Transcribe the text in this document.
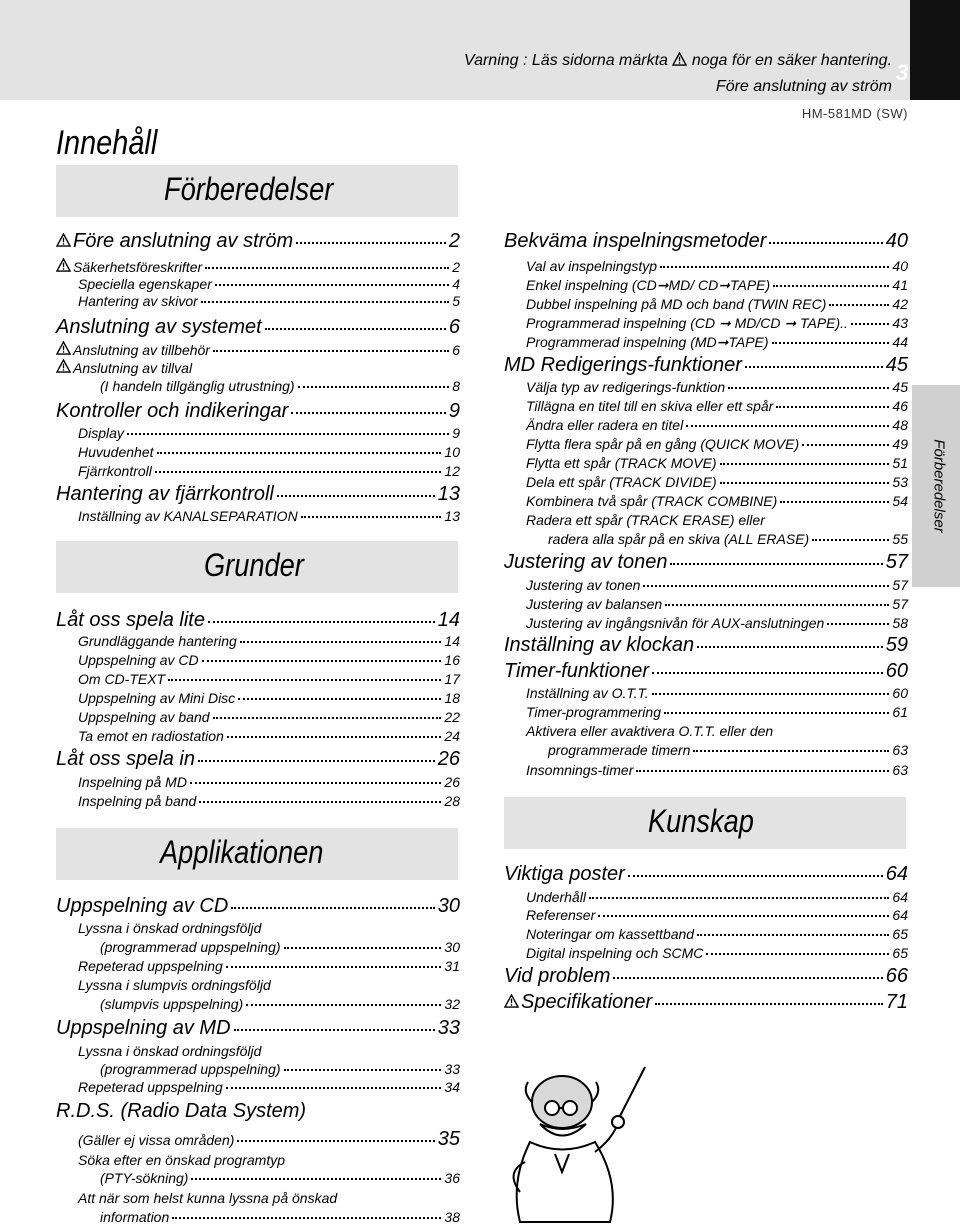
3
Varning : Läs sidorna märkta noga för en säker hantering.
Före anslutning av ström
HM-581MD (SW)
Innehåll
Förberedelser
Grunder
Applikationen
Kunskap
Förberedelser
Före anslutning av ström	2
Säkerhetsföreskrifter	2
Speciella egenskaper	4
Hantering av skivor	5
Anslutning av systemet	6
Anslutning av tillbehör	6
Anslutning av tillval
(I handeln tillgänglig utrustning)	8
Kontroller och indikeringar	9
Display	9
Huvudenhet	10
Fjärrkontroll	12
Hantering av fjärrkontroll	13
Inställning av KANALSEPARATION	13
Låt oss spela lite	14
Grundläggande hantering	14
Uppspelning av CD	16
Om CD-TEXT	17
Uppspelning av Mini Disc	18
Uppspelning av band	22
Ta emot en radiostation	24
Låt oss spela in	26
Inspelning på MD	26
Inspelning på band	28
Uppspelning av CD	30
Lyssna i önskad ordningsföljd
(programmerad uppspelning)	30
Repeterad uppspelning	31
Lyssna i slumpvis ordningsföljd
(slumpvis uppspelning)	32
Uppspelning av MD	33
Lyssna i önskad ordningsföljd
(programmerad uppspelning)	33
Repeterad uppspelning	34
R.D.S. (Radio Data System)
(Gäller ej vissa områden)	35
Söka efter en önskad programtyp
(PTY-sökning)	36
Att när som helst kunna lyssna på önskad
information	38
Bekväma inspelningsmetoder	40
Val av inspelningstyp	40
Enkel inspelning (CD➞MD/ CD➞TAPE)	41
Dubbel inspelning på MD och band (TWIN REC)	42
Programmerad inspelning (CD ➞ MD/CD ➞ TAPE)..	43
Programmerad inspelning (MD➞TAPE)	44
MD Redigerings-funktioner	45
Välja typ av redigerings-funktion	45
Tillägna en titel till en skiva eller ett spår	46
Ändra eller radera en titel	48
Flytta flera spår på en gång (QUICK MOVE)	49
Flytta ett spår (TRACK MOVE)	51
Dela ett spår (TRACK DIVIDE)	53
Kombinera två spår (TRACK COMBINE)	54
Radera ett spår (TRACK ERASE) eller
radera alla spår på en skiva (ALL ERASE)	55
Justering av tonen	57
Justering av tonen	57
Justering av balansen	57
Justering av ingångsnivån för AUX-anslutningen	58
Inställning av klockan	59
Timer-funktioner	60
Inställning av O.T.T.	60
Timer-programmering	61
Aktivera eller avaktivera O.T.T. eller den
programmerade timern	63
Insomnings-timer	63
Viktiga poster	64
Underhåll	64
Referenser	64
Noteringar om kassettband	65
Digital inspelning och SCMC	65
Vid problem	66
Specifikationer	71
